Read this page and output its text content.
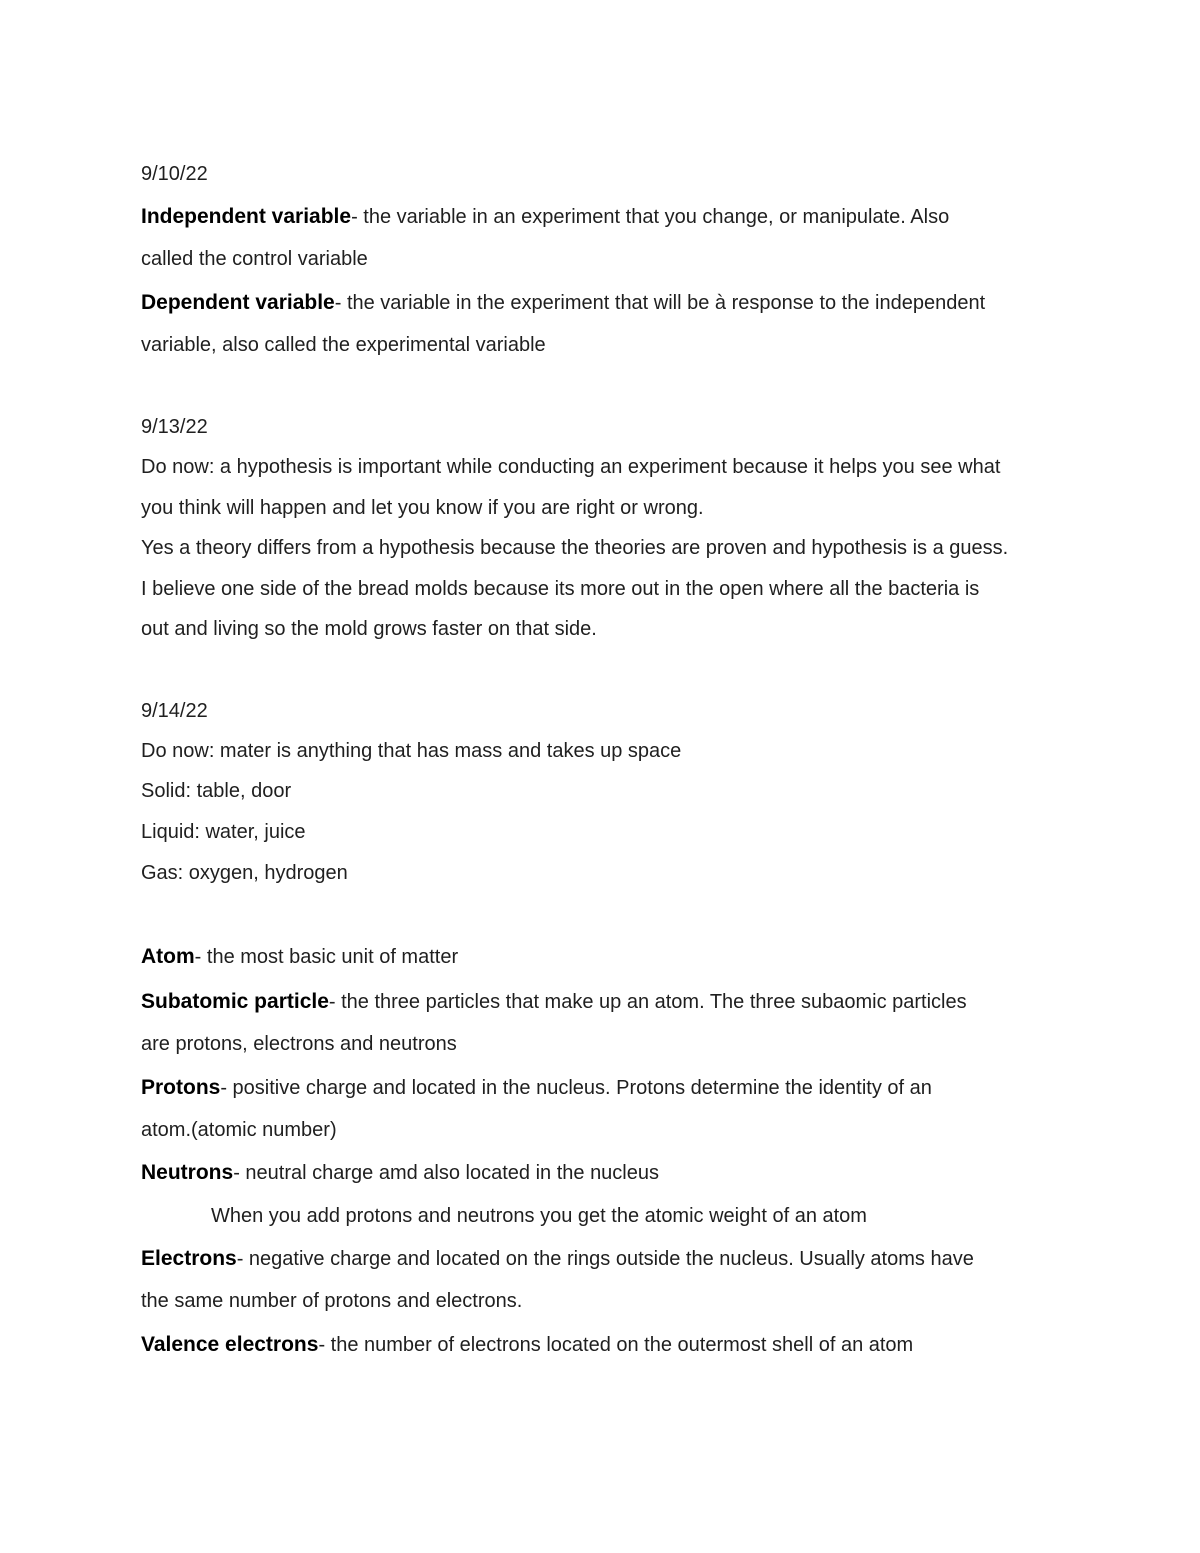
9/10/22
Independent variable- the variable in an experiment that you change, or manipulate. Also
called the control variable
Dependent variable- the variable in the experiment that will be à response to the independent
variable, also called the experimental variable
9/13/22
Do now: a hypothesis is important while conducting an experiment because it helps you see what
you think will happen and let you know if you are right or wrong.
Yes a theory differs from a hypothesis because the theories are proven and hypothesis is a guess.
I believe one side of the bread molds because its more out in the open where all the bacteria is
out and living so the mold grows faster on that side.
9/14/22
Do now: mater is anything that has mass and takes up space
Solid: table, door
Liquid: water, juice
Gas: oxygen, hydrogen
Atom- the most basic unit of matter
Subatomic particle- the three particles that make up an atom. The three subaomic particles
are protons, electrons and neutrons
Protons- positive charge and located in the nucleus. Protons determine the identity of an
atom.(atomic number)
Neutrons- neutral charge amd also located in the nucleus
When you add protons and neutrons you get the atomic weight of an atom
Electrons- negative charge and located on the rings outside the nucleus. Usually atoms have
the same number of protons and electrons.
Valence electrons- the number of electrons located on the outermost shell of an atom
